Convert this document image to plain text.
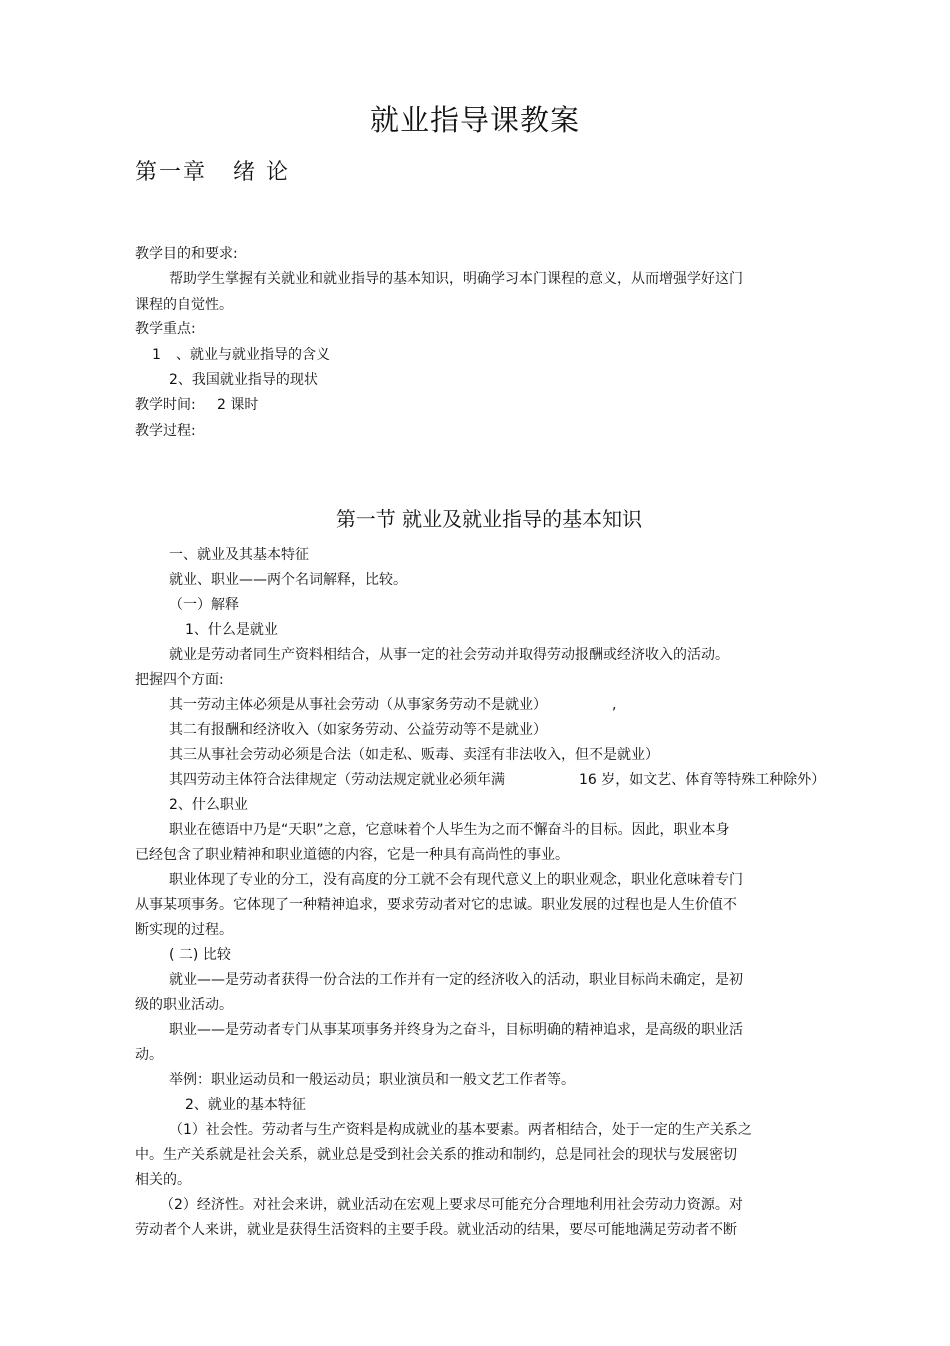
就业指导课教案
第一章 绪 论
教学目的和要求:
帮助学生掌握有关就业和就业指导的基本知识，明确学习本门课程的意义，从而增强学好这门
课程的自觉性。
教学重点:
1 、就业与就业指导的含义
2、我国就业指导的现状
教学时间: 2 课时
教学过程:
第一节 就业及就业指导的基本知识
一、就业及其基本特征
就业、职业——两个名词解释，比较。
（一）解释
1、什么是就业
就业是劳动者同生产资料相结合，从事一定的社会劳动并取得劳动报酬或经济收入的活动。
把握四个方面:
其一劳动主体必须是从事社会劳动（从事家务劳动不是就业）	,
其二有报酬和经济收入（如家务劳动、公益劳动等不是就业）
其三从事社会劳动必须是合法（如走私、贩毒、卖淫有非法收入，但不是就业）
其四劳动主体符合法律规定（劳动法规定就业必须年满	16 岁，如文艺、体育等特殊工种除外）
2、什么职业
职业在德语中乃是“天职”之意，它意味着个人毕生为之而不懈奋斗的目标。因此，职业本身
已经包含了职业精神和职业道德的内容，它是一种具有高尚性的事业。
职业体现了专业的分工，没有高度的分工就不会有现代意义上的职业观念，职业化意味着专门
从事某项事务。它体现了一种精神追求，要求劳动者对它的忠诚。职业发展的过程也是人生价值不
断实现的过程。
( 二) 比较
就业——是劳动者获得一份合法的工作并有一定的经济收入的活动，职业目标尚未确定，是初
级的职业活动。
职业——是劳动者专门从事某项事务并终身为之奋斗，目标明确的精神追求，是高级的职业活
动。
举例：职业运动员和一般运动员；职业演员和一般文艺工作者等。
2、就业的基本特征
（1）社会性。劳动者与生产资料是构成就业的基本要素。两者相结合，处于一定的生产关系之
中。生产关系就是社会关系，就业总是受到社会关系的推动和制约，总是同社会的现状与发展密切
相关的。
（2）经济性。对社会来讲，就业活动在宏观上要求尽可能充分合理地利用社会劳动力资源。对
劳动者个人来讲，就业是获得生活资料的主要手段。就业活动的结果，要尽可能地满足劳动者不断
